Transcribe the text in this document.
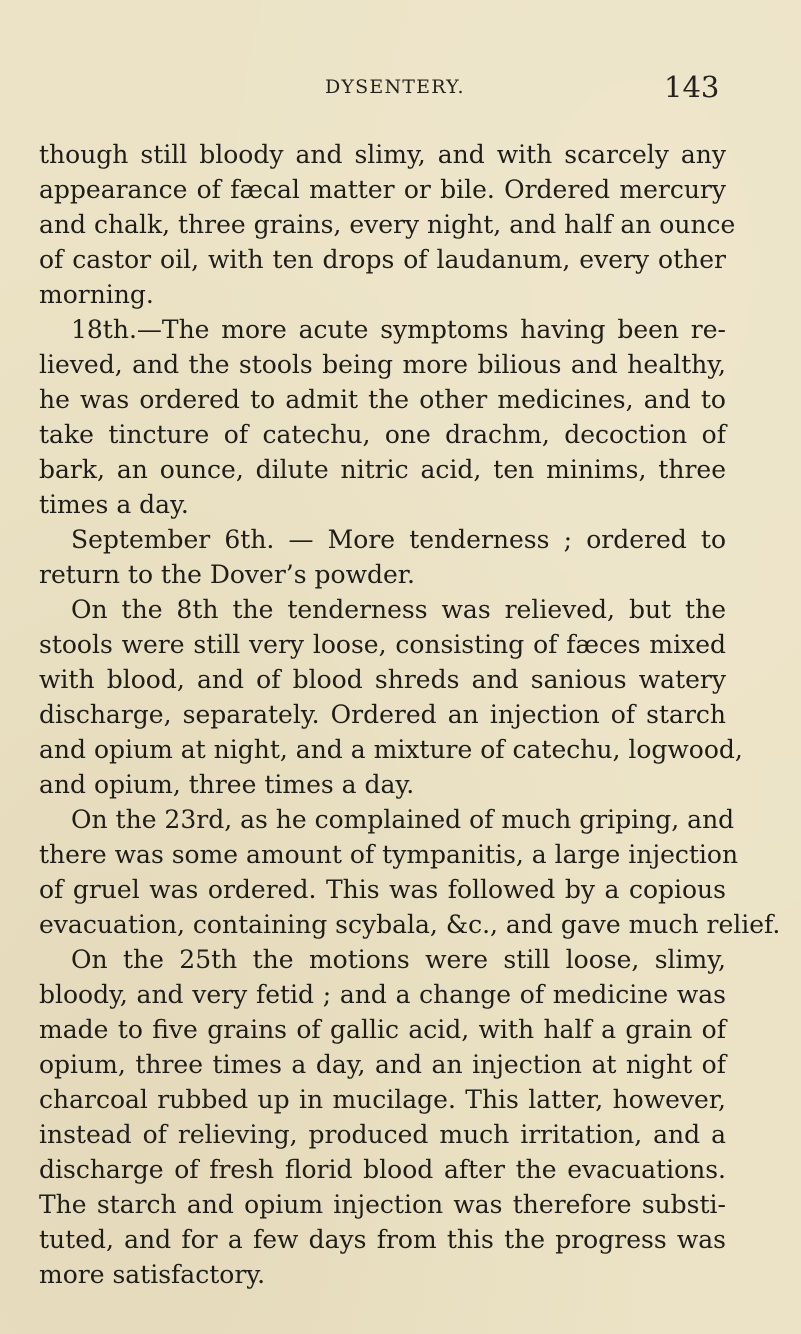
DYSENTERY.	143
though still bloody and slimy, and with scarcely any
appearance of fæcal matter or bile. Ordered mercury
and chalk, three grains, every night, and half an ounce
of castor oil, with ten drops of laudanum, every other
morning.
18th.—The more acute symptoms having been re-
lieved, and the stools being more bilious and healthy,
he was ordered to admit the other medicines, and to
take tincture of catechu, one drachm, decoction of
bark, an ounce, dilute nitric acid, ten minims, three
times a day.
September 6th. — More tenderness ; ordered to
return to the Dover’s powder.
On the 8th the tenderness was relieved, but the
stools were still very loose, consisting of fæces mixed
with blood, and of blood shreds and sanious watery
discharge, separately. Ordered an injection of starch
and opium at night, and a mixture of catechu, logwood,
and opium, three times a day.
On the 23rd, as he complained of much griping, and
there was some amount of tympanitis, a large injection
of gruel was ordered. This was followed by a copious
evacuation, containing scybala, &c., and gave much relief.
On the 25th the motions were still loose, slimy,
bloody, and very fetid ; and a change of medicine was
made to five grains of gallic acid, with half a grain of
opium, three times a day, and an injection at night of
charcoal rubbed up in mucilage. This latter, however,
instead of relieving, produced much irritation, and a
discharge of fresh florid blood after the evacuations.
The starch and opium injection was therefore substi-
tuted, and for a few days from this the progress was
more satisfactory.
